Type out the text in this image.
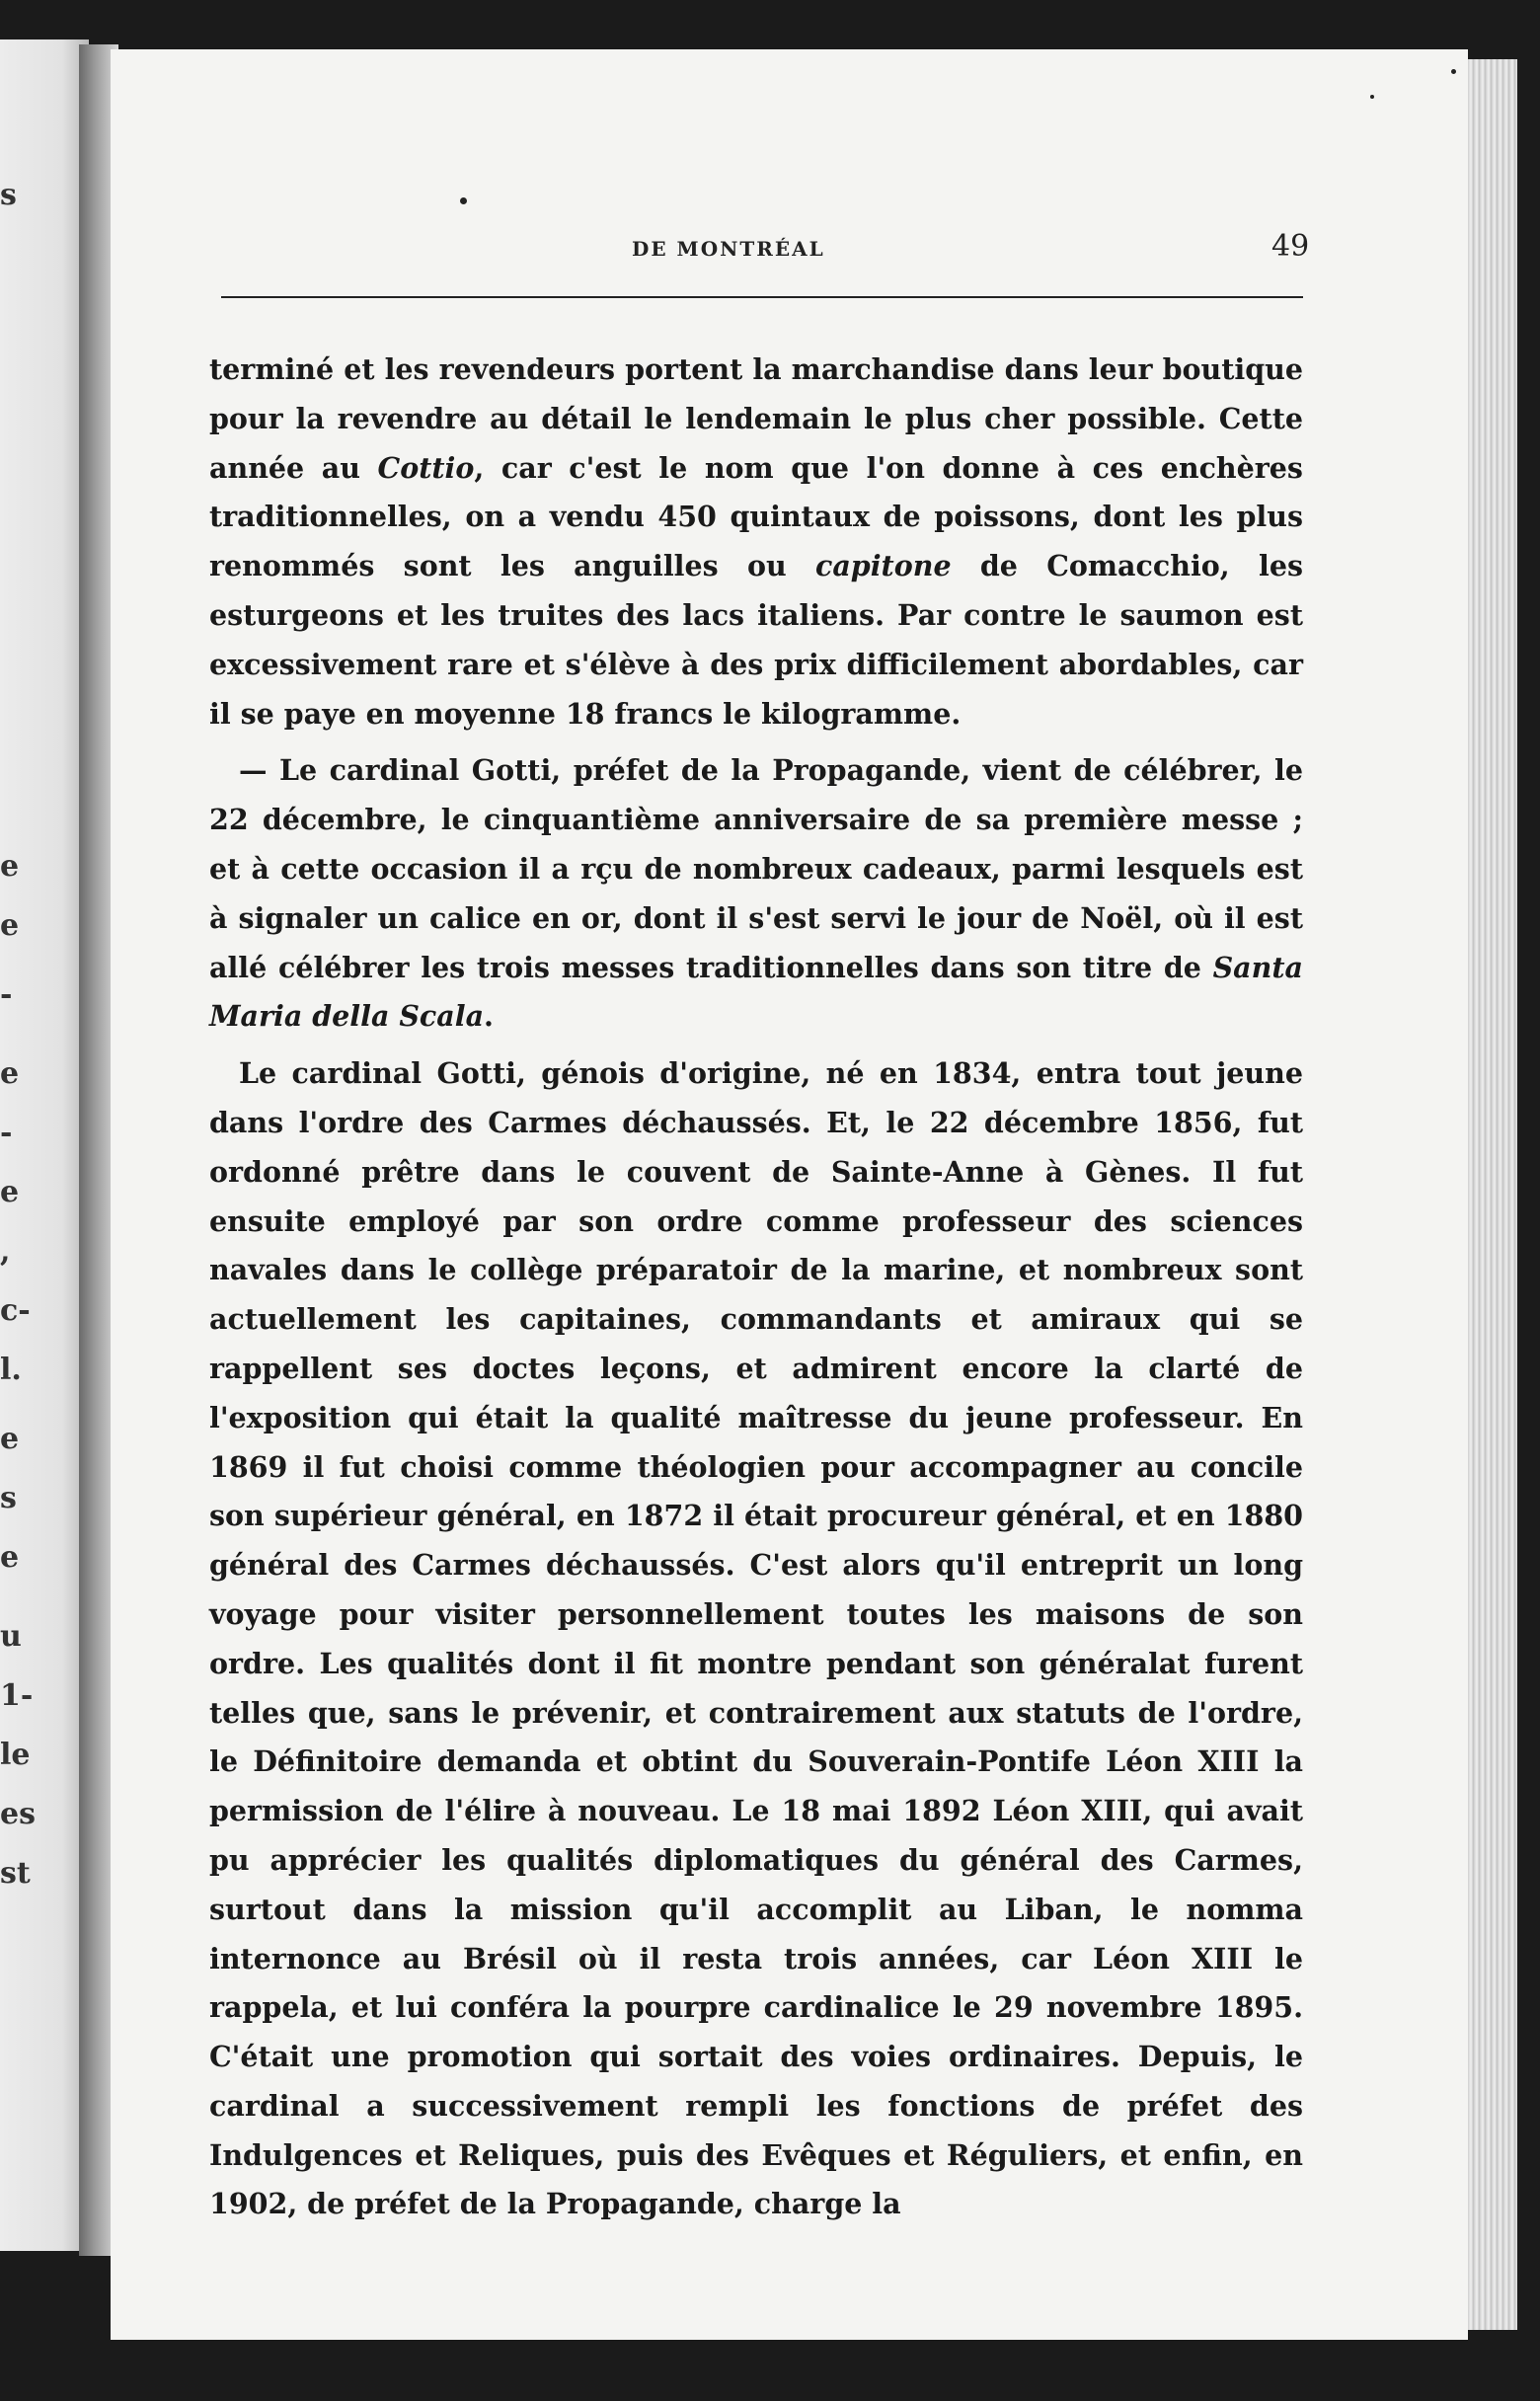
s
e
e
-
e
-
e
,
c-
l.
e
s
e
u
1-
le
es
st
DE MONTRÉAL	49

terminé et les revendeurs portent la marchandise dans leur boutique pour la revendre au détail le lendemain le plus cher possible. Cette année au Cottio, car c'est le nom que l'on donne à ces enchères traditionnelles, on a vendu 450 quintaux de poissons, dont les plus renommés sont les anguilles ou capitone de Comacchio, les esturgeons et les truites des lacs italiens. Par contre le saumon est excessivement rare et s'élève à des prix difficilement abordables, car il se paye en moyenne 18 francs le kilogramme.

— Le cardinal Gotti, préfet de la Propagande, vient de célébrer, le 22 décembre, le cinquantième anniversaire de sa première messe ; et à cette occasion il a rçu de nombreux cadeaux, parmi lesquels est à signaler un calice en or, dont il s'est servi le jour de Noël, où il est allé célébrer les trois messes traditionnelles dans son titre de Santa Maria della Scala.

Le cardinal Gotti, génois d'origine, né en 1834, entra tout jeune dans l'ordre des Carmes déchaussés. Et, le 22 décembre 1856, fut ordonné prêtre dans le couvent de Sainte-Anne à Gènes. Il fut ensuite employé par son ordre comme professeur des sciences navales dans le collège préparatoir de la marine, et nombreux sont actuellement les capitaines, commandants et amiraux qui se rappellent ses doctes leçons, et admirent encore la clarté de l'exposition qui était la qualité maîtresse du jeune professeur. En 1869 il fut choisi comme théologien pour accompagner au concile son supérieur général, en 1872 il était procureur général, et en 1880 général des Carmes déchaussés. C'est alors qu'il entreprit un long voyage pour visiter personnellement toutes les maisons de son ordre. Les qualités dont il fit montre pendant son généralat furent telles que, sans le prévenir, et contrairement aux statuts de l'ordre, le Définitoire demanda et obtint du Souverain-Pontife Léon XIII la permission de l'élire à nouveau. Le 18 mai 1892 Léon XIII, qui avait pu apprécier les qualités diplomatiques du général des Carmes, surtout dans la mission qu'il accomplit au Liban, le nomma internonce au Brésil où il resta trois années, car Léon XIII le rappela, et lui conféra la pourpre cardinalice le 29 novembre 1895. C'était une promotion qui sortait des voies ordinaires. Depuis, le cardinal a successivement rempli les fonctions de préfet des Indulgences et Reliques, puis des Evêques et Réguliers, et enfin, en 1902, de préfet de la Propagande, charge la
